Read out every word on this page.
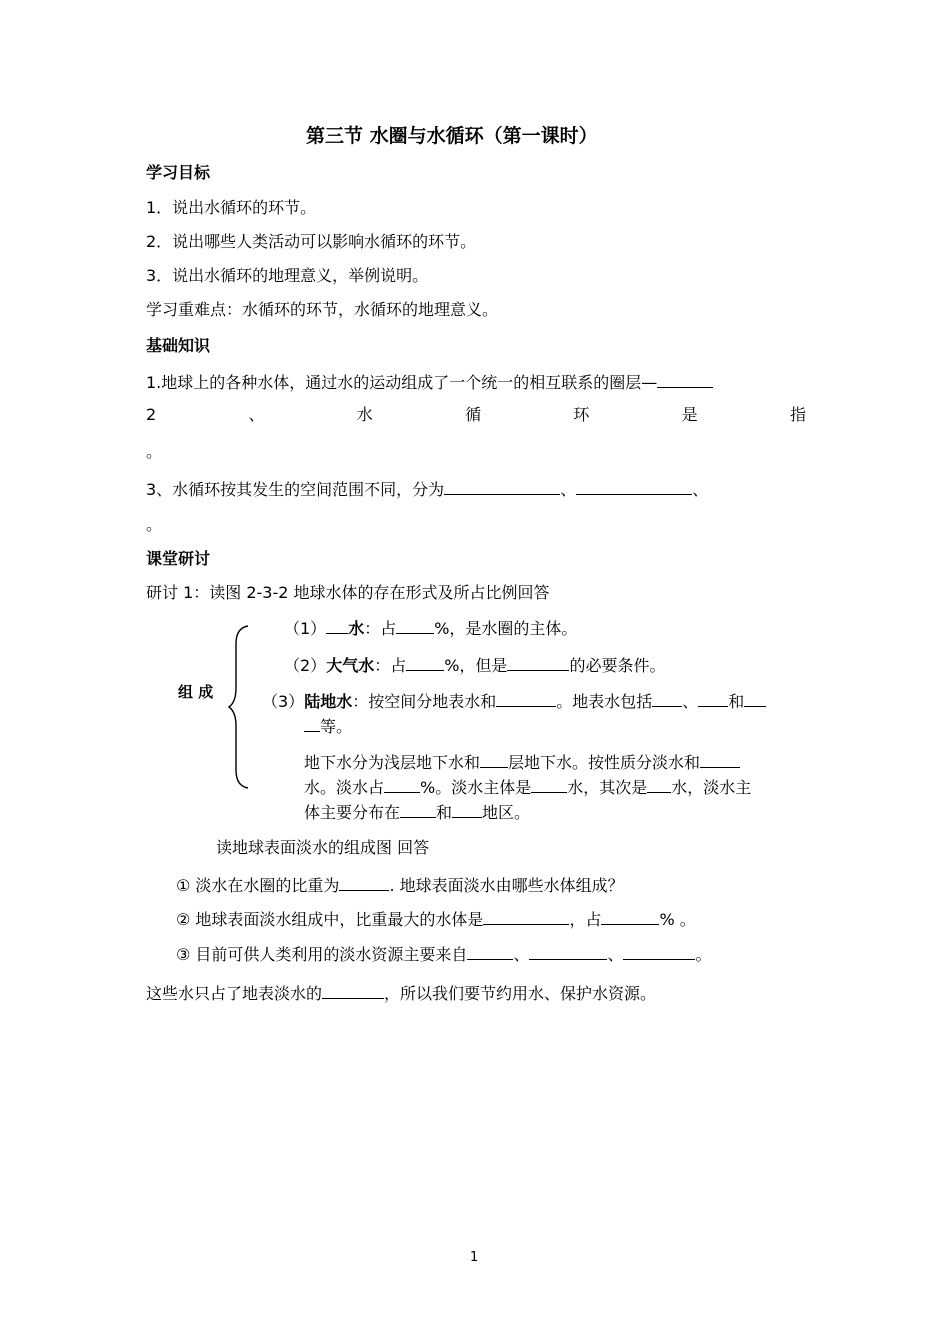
第三节 水圈与水循环（第一课时）
学习目标
1．说出水循环的环节。
2．说出哪些人类活动可以影响水循环的环节。
3．说出水循环的地理意义，举例说明。
学习重难点：水循环的环节，水循环的地理意义。
基础知识
1.地球上的各种水体，通过水的运动组成了一个统一的相互联系的圈层—
2	、	水	循	环	是	指
。
3、水循环按其发生的空间范围不同，分为	、	、
。
课堂研讨
研讨 1：读图 2-3-2 地球水体的存在形式及所占比例回答
组 成
（1） 水：占 %，是水圈的主体。
（2）大气水：占 %，但是	的必要条件。
（3）陆地水：按空间分地表水和	。地表水包括 、 和
等。
地下水分为浅层地下水和 层地下水。按性质分淡水和
水。淡水占 %。淡水主体是 水，其次是 水，淡水主
体主要分布在 和 地区。
读地球表面淡水的组成图 回答
① 淡水在水圈的比重为	. 地球表面淡水由哪些水体组成？
② 地球表面淡水组成中，比重最大的水体是	，占	% 。
③ 目前可供人类利用的淡水资源主要来自	、	、	。
这些水只占了地表淡水的	，所以我们要节约用水、保护水资源。
1
